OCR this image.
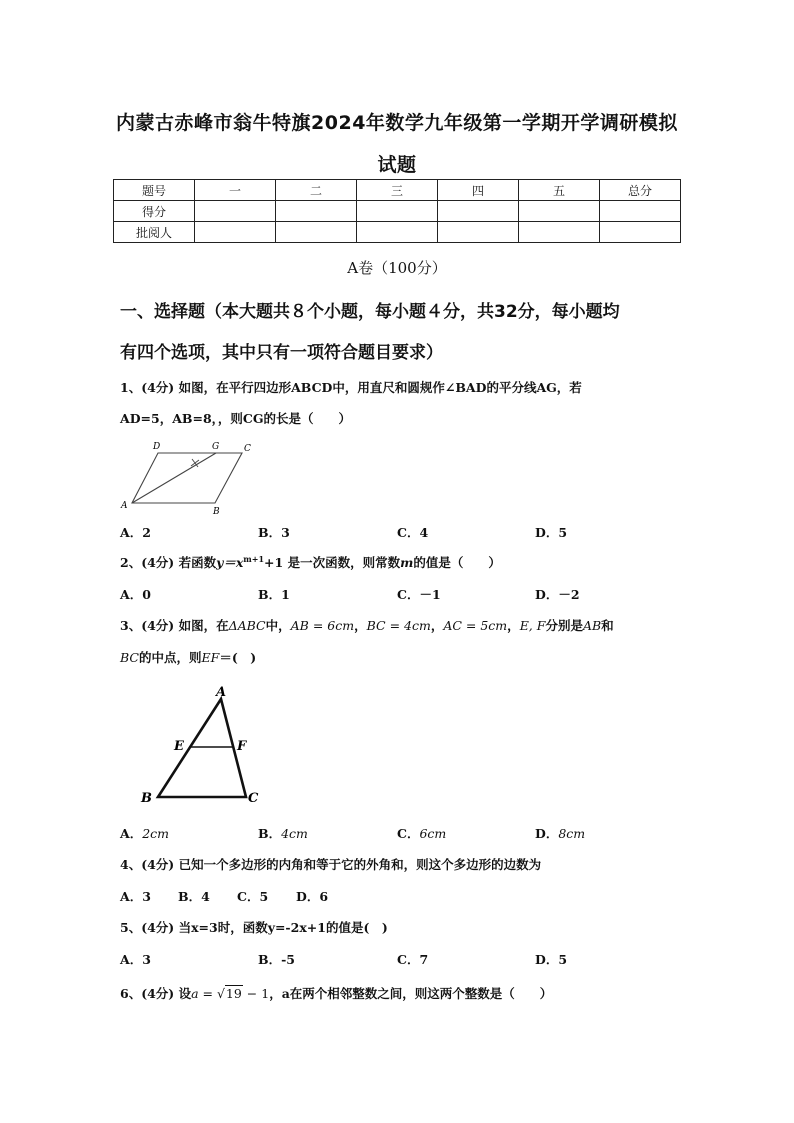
内蒙古赤峰市翁牛特旗2024年数学九年级第一学期开学调研模拟
试题
题号	一	二	三	四	五	总分
得分						
批阅人						
A卷（100分）
一、选择题（本大题共８个小题，每小题４分，共32分，每小题均
有四个选项，其中只有一项符合题目要求）
1、(4分) 如图，在平行四边形ABCD中，用直尺和圆规作∠BAD的平分线AG，若
AD=5，AB=8，，则CG的长是（　　）
D	G	C
A
B
A．2	B．3	C．4	D．5
2、(4分) 若函数$y=x^{m+1}+1$ 是一次函数，则常数m的值是（　　）
A．0	B．1	C．－1	D．－2
3、(4分) 如图，在ΔABC中，AB = 6cm，BC = 4cm，AC = 5cm，E, F分别是AB和
BC的中点，则EF＝(　)
A
E	F
B	C
A．2cm	B．4cm	C．6cm	D．8cm
4、(4分) 已知一个多边形的内角和等于它的外角和，则这个多边形的边数为
A．3 B．4 C．5 D．6
5、(4分) 当x=3时，函数y=-2x+1的值是(　)
A．3	B．-5	C．7	D．5
6、(4分) 设a = √19 − 1，a在两个相邻整数之间，则这两个整数是（　　）
